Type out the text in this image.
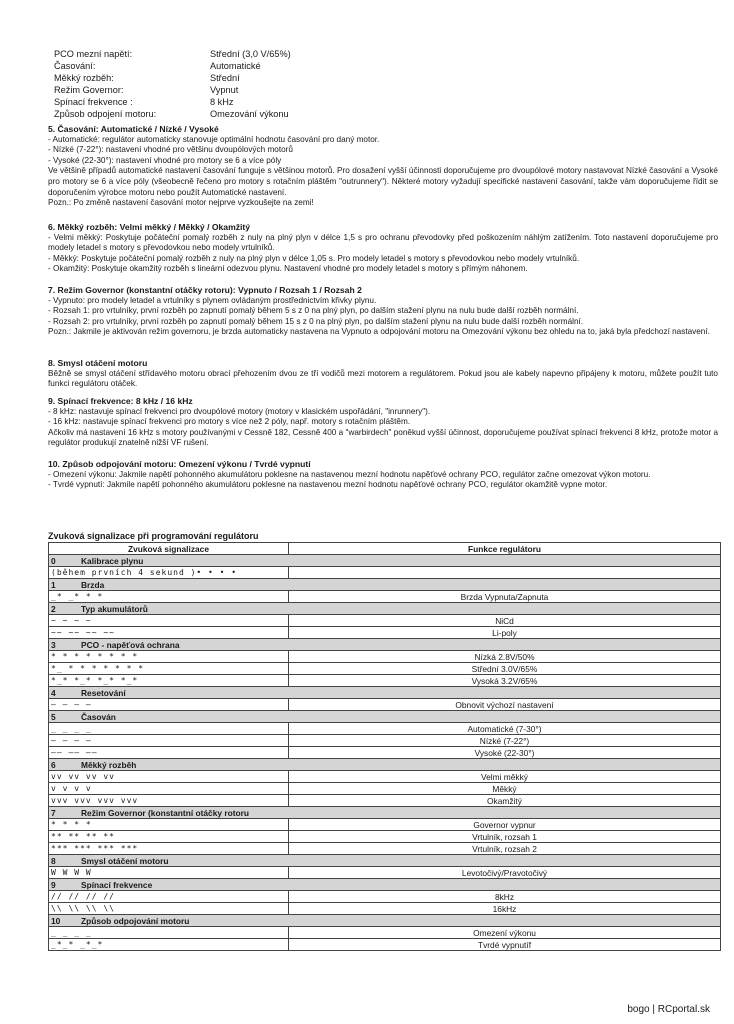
PCO mezní napětí:	Střední (3,0 V/65%)
Časování:	Automatické
Měkký rozběh:	Střední
Režim Governor:	Vypnut
Spínací frekvence :	8 kHz
Způsob odpojení motoru:	Omezování výkonu
5. Časování: Automatické / Nízké / Vysoké

- Automatické: regulátor automaticky stanovuje optimální hodnotu časování pro daný motor.

- Nízké (7-22°): nastavení vhodné pro většinu dvoupólových motorů

- Vysoké (22-30°): nastavení vhodné pro motory se 6 a více póly

Ve většině případů automatické nastavení časování funguje s většinou motorů. Pro dosažení vyšší účinnosti doporučujeme pro dvoupólové motory nastavovat Nízké časování a Vysoké pro motory se 6 a více póly (všeobecně řečeno pro motory s rotačním pláštěm "outrunnery"). Některé motory vyžadují specifické nastavení časování, takže vám doporučujeme řídit se doporučením výrobce motoru nebo použít Automatické nastavení.

Pozn.: Po změně nastavení časování motor nejprve vyzkoušejte na zemi!

6. Měkký rozběh: Velmi měkký / Měkký / Okamžitý

- Velmi měkký: Poskytuje počáteční pomalý rozběh z nuly na plný plyn v délce 1,5 s pro ochranu převodovky před poškozením náhlým zatížením. Toto nastavení doporučujeme pro modely letadel s motory s převodovkou nebo modely vrtulníků.

- Měkký: Poskytuje počáteční pomalý rozběh z nuly na plný plyn v délce 1,05 s. Pro modely letadel s motory s převodovkou nebo modely vrtulníků.

- Okamžitý: Poskytuje okamžitý rozběh s lineární odezvou plynu. Nastavení vhodné pro modely letadel s motory s přímým náhonem.

7. Režim Governor (konstantní otáčky rotoru): Vypnuto / Rozsah 1 / Rozsah 2

- Vypnuto: pro modely letadel a vrtulníky s plynem ovládaným prostřednictvím křivky plynu.

- Rozsah 1: pro vrtulníky, první rozběh po zapnutí pomalý během 5 s z 0 na plný plyn, po dalším stažení plynu na nulu bude další rozběh normální.

- Rozsah 2: pro vrtulníky, první rozběh po zapnutí pomalý během 15 s z 0 na plný plyn, po dalším stažení plynu na nulu bude další rozběh normální.

Pozn.: Jakmile je aktivován režim governoru, je brzda automaticky nastavena na Vypnuto a odpojování motoru na Omezování výkonu bez ohledu na to, jaká byla předchozí nastavení.

8. Smysl otáčení motoru

Běžně se smysl otáčení střídavého motoru obrací přehozením dvou ze tří vodičů mezi motorem a regulátorem. Pokud jsou ale kabely napevno připájeny k motoru, můžete použít tuto funkci regulátoru otáček.

9. Spínací frekvence: 8 kHz / 16 kHz

- 8 kHz: nastavuje spínací frekvenci pro dvoupólové motory (motory v klasickém uspořádání, "inrunnery").

- 16 kHz: nastavuje spínací frekvenci pro motory s více než 2 póly, např. motory s rotačním pláštěm.

Ačkoliv má nastavení 16 kHz s motory používanými v Cessně 182, Cessně 400 a "warbirdech" poněkud vyšší účinnost, doporučujeme používat spínací frekvenci 8 kHz, protože motor a regulátor produkují znatelně nižší VF rušení.

10. Způsob odpojování motoru: Omezení výkonu / Tvrdé vypnutí

- Omezení výkonu: Jakmile napětí pohonného akumulátoru poklesne na nastavenou mezní hodnotu napěťové ochrany PCO, regulátor začne omezovat výkon motoru.

- Tvrdé vypnutí: Jakmile napětí pohonného akumulátoru poklesne na nastavenou mezní hodnotu napěťové ochrany PCO, regulátor okamžitě vypne motor.

Zvuková signalizace při programování regulátoru
Zvuková signalizace	Funkce regulátoru
0 Kalibrace plynu	
(během prvních 4 sekund )• • • •	
1 Brzda	
_* _* * *	Brzda Vypnuta/Zapnuta
2 Typ akumulátorů	
~ ~ ~ ~	NiCd
~~ ~~ ~~ ~~	Li-poly
3 PCO - napěťová ochrana	
* * * * * * * *	Nízká 2.8V/50%
*_ * * * * * * *	Střední 3.0V/65%
*_* *_* *_* *_*	Vysoká 3.2V/65%
4 Resetování	
— — — —	Obnovit výchozí nastavení
5 Časován	
_ _ _ _	Automatické (7-30°)
— — — —	Nízké (7-22°)
—— —— ——	Vysoké (22-30°)
6 Měkký rozběh	
vv vv vv vv	Velmi měkký
v v v v	Měkký
vvv vvv vvv vvv	Okamžitý
7 Režim Governor (konstantní otáčky rotoru	
* * * *	Governor vypnur
** ** ** **	Vrtulník, rozsah 1
*** *** *** ***	Vrtulník, rozsah 2
8 Smysl otáčení motoru	
W W W W	Levotočivý/Pravotočivý
9 Spínací frekvence	
// // // //	8kHz
\\ \\ \\ \\	16kHz
10 Způsob odpojování motoru	
_ _ _ _	Omezení výkonu
_*_* _*_*	Tvrdé vypnutíf
bogo | RCportal.sk
